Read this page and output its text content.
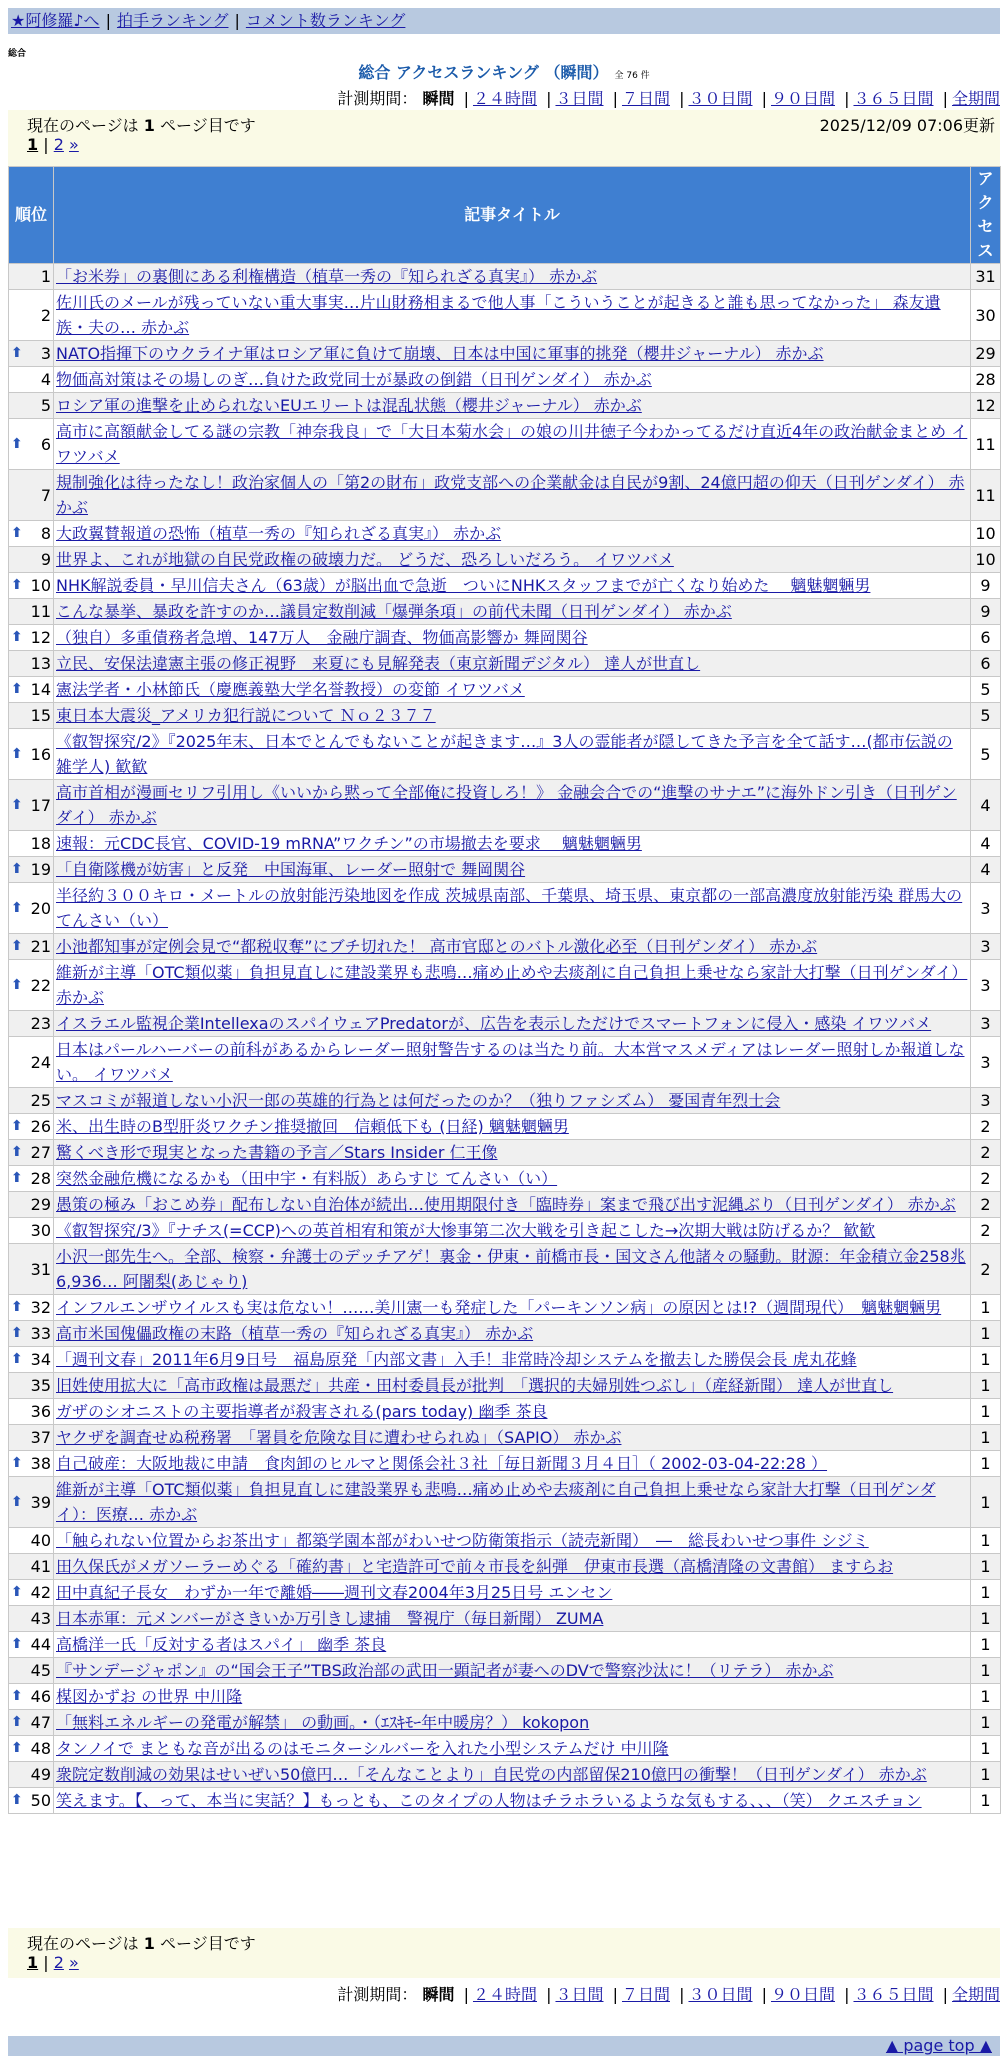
★阿修羅♪へ | 拍手ランキング | コメント数ランキング
総合
総合 アクセスランキング （瞬間） 全 76 件
計測期間： 瞬間 | ２４時間 | ３日間 | ７日間 | ３０日間 | ９０日間 | ３６５日間 | 全期間
現在のページは 1 ページ目です	2025/12/09 07:06更新
1 | 2 »
順位	記事タイトル	アクセス
1	「お米券」の裏側にある利権構造（植草一秀の『知られざる真実』） 赤かぶ	31
2	佐川氏のメールが残っていない重大事実…片山財務相まるで他人事「こういうことが起きると誰も思ってなかった」 森友遺族・夫の… 赤かぶ	30

⬆ 3	NATO指揮下のウクライナ軍はロシア軍に負けて崩壊、日本は中国に軍事的挑発（櫻井ジャーナル） 赤かぶ	29
4	物価高対策はその場しのぎ…負けた政党同士が暴政の倒錯（日刊ゲンダイ） 赤かぶ	28
5	ロシア軍の進撃を止められないEUエリートは混乱状態（櫻井ジャーナル） 赤かぶ	12

⬆ 6	高市に高額献金してる謎の宗教「神奈我良」で「大日本菊水会」の娘の川井徳子今わかってるだけ直近4年の政治献金まとめ イワツバメ	11
7	規制強化は待ったなし！政治家個人の「第2の財布」政党支部への企業献金は自民が9割、24億円超の仰天（日刊ゲンダイ） 赤かぶ	11

⬆ 8	大政翼賛報道の恐怖（植草一秀の『知られざる真実』） 赤かぶ	10
9	世界よ、これが地獄の自民党政権の破壊力だ。 どうだ、恐ろしいだろう。 イワツバメ	10

⬆ 10	NHK解説委員・早川信夫さん（63歳）が脳出血で急逝　ついにNHKスタッフまでが亡くなり始めた　 魑魅魍魎男	9
11	こんな暴挙、暴政を許すのか…議員定数削減「爆弾条項」の前代未聞（日刊ゲンダイ） 赤かぶ	9

⬆ 12	（独自）多重債務者急増、147万人　金融庁調査、物価高影響か 舞岡関谷	6
13	立民、安保法違憲主張の修正視野　来夏にも見解発表（東京新聞デジタル） 達人が世直し	6

⬆ 14	憲法学者・小林節氏（慶應義塾大学名誉教授）の変節 イワツバメ	5
15	東日本大震災_アメリカ犯行説について Ｎｏ２３７７	5

⬆ 16	《叡智探究/2》『2025年末、日本でとんでもないことが起きます…』3人の霊能者が隠してきた予言を全て話す…(都市伝説の雑学人) 歓歓	5

⬆ 17	高市首相が漫画セリフ引用し《いいから黙って全部俺に投資しろ！》 金融会合での“進撃のサナエ”に海外ドン引き（日刊ゲンダイ） 赤かぶ	4
18	速報：元CDC長官、COVID-19 mRNA”ワクチン”の市場撤去を要求　 魑魅魍魎男	4

⬆ 19	「自衛隊機が妨害」と反発　中国海軍、レーダー照射で 舞岡関谷	4

⬆ 20	半径約３００キロ・メートルの放射能汚染地図を作成 茨城県南部、千葉県、埼玉県、東京都の一部高濃度放射能汚染 群馬大の てんさい（い）	3

⬆ 21	小池都知事が定例会見で“都税収奪”にブチ切れた！ 高市官邸とのバトル激化必至（日刊ゲンダイ） 赤かぶ	3

⬆ 22	維新が主導「OTC類似薬」負担見直しに建設業界も悲鳴…痛め止めや去痰剤に自己負担上乗せなら家計大打撃（日刊ゲンダイ） 赤かぶ	3
23	イスラエル監視企業IntellexaのスパイウェアPredatorが、広告を表示しただけでスマートフォンに侵入・感染 イワツバメ	3
24	日本はパールハーバーの前科があるからレーダー照射警告するのは当たり前。大本営マスメディアはレーダー照射しか報道しない。 イワツバメ	3
25	マスコミが報道しない小沢一郎の英雄的行為とは何だったのか？（独りファシズム） 憂国青年烈士会	3

⬆ 26	米、出生時のB型肝炎ワクチン推奨撤回　信頼低下も (日経) 魑魅魍魎男	2

⬆ 27	驚くべき形で現実となった書籍の予言／Stars Insider 仁王像	2

⬆ 28	突然金融危機になるかも（田中宇・有料版）あらすじ てんさい（い）	2
29	愚策の極み「おこめ券」配布しない自治体が続出…使用期限付き「臨時券」案まで飛び出す泥縄ぶり（日刊ゲンダイ） 赤かぶ	2
30	《叡智探究/3》『ナチス(=CCP)への英首相宥和策が大惨事第二次大戦を引き起こした→次期大戦は防げるか？ 歓歓	2
31	小沢一郎先生へ。全部、検察・弁護士のデッチアゲ！裏金・伊東・前橋市長・国文さん他諸々の騒動。財源：年金積立金258兆6,936… 阿闍梨(あじゃり)	2

⬆ 32	インフルエンザウイルスも実は危ない！……美川憲一も発症した「パーキンソン病」の原因とは!?（週間現代）　魑魅魍魎男	1

⬆ 33	高市米国傀儡政権の末路（植草一秀の『知られざる真実』） 赤かぶ	1

⬆ 34	「週刊文春」2011年6月9日号　福島原発「内部文書」入手！非常時冷却システムを撤去した勝俣会長 虎丸花蜂	1
35	旧姓使用拡大に「高市政権は最悪だ」共産・田村委員長が批判　「選択的夫婦別姓つぶし」（産経新聞） 達人が世直し	1
36	ガザのシオニストの主要指導者が殺害される(pars today) 幽季 茶良	1
37	ヤクザを調査せぬ税務署　「署員を危険な目に遭わせられぬ」（SAPIO） 赤かぶ	1

⬆ 38	自己破産：大阪地裁に申請　食肉卸のヒルマと関係会社３社［毎日新聞３月４日］（ 2002-03-04-22:28 ）	1

⬆ 39	維新が主導「OTC類似薬」負担見直しに建設業界も悲鳴…痛め止めや去痰剤に自己負担上乗せなら家計大打撃（日刊ゲンダイ）：医療… 赤かぶ	1
40	「触られない位置からお茶出す」都築学園本部がわいせつ防衛策指示（読売新聞）　―　総長わいせつ事件 シジミ	1
41	田久保氏がメガソーラーめぐる「確約書」と宅造許可で前々市長を糾弾　伊東市長選（高橋清隆の文書館） ますらお	1

⬆ 42	田中真紀子長女　わずか一年で離婚――週刊文春2004年3月25日号 エンセン	1
43	日本赤軍：元メンバーがさきいか万引きし逮捕　警視庁（毎日新聞） ZUMA	1

⬆ 44	高橋洋一氏「反対する者はスパイ」 幽季 茶良	1
45	『サンデージャポン』の“国会王子”TBS政治部の武田一顕記者が妻へのDVで警察沙汰に！（リテラ） 赤かぶ	1

⬆ 46	楳図かずお の世界 中川隆	1

⬆ 47	「無料エネルギーの発電が解禁」 の動画。・（ｴｽｷﾓｰ年中暖房？） kokopon	1

⬆ 48	タンノイで まともな音が出るのはモニターシルバーを入れた小型システムだけ 中川隆	1
49	衆院定数削減の効果はせいぜい50億円…「そんなことより」自民党の内部留保210億円の衝撃！（日刊ゲンダイ） 赤かぶ	1

⬆ 50	笑えます。【、って、本当に実話？】もっとも、このタイプの人物はチラホラいるような気もする、、、（笑） クエスチョン	1
現在のページは 1 ページ目です
1 | 2 »
計測期間： 瞬間 | ２４時間 | ３日間 | ７日間 | ３０日間 | ９０日間 | ３６５日間 | 全期間
▲ page top ▲
